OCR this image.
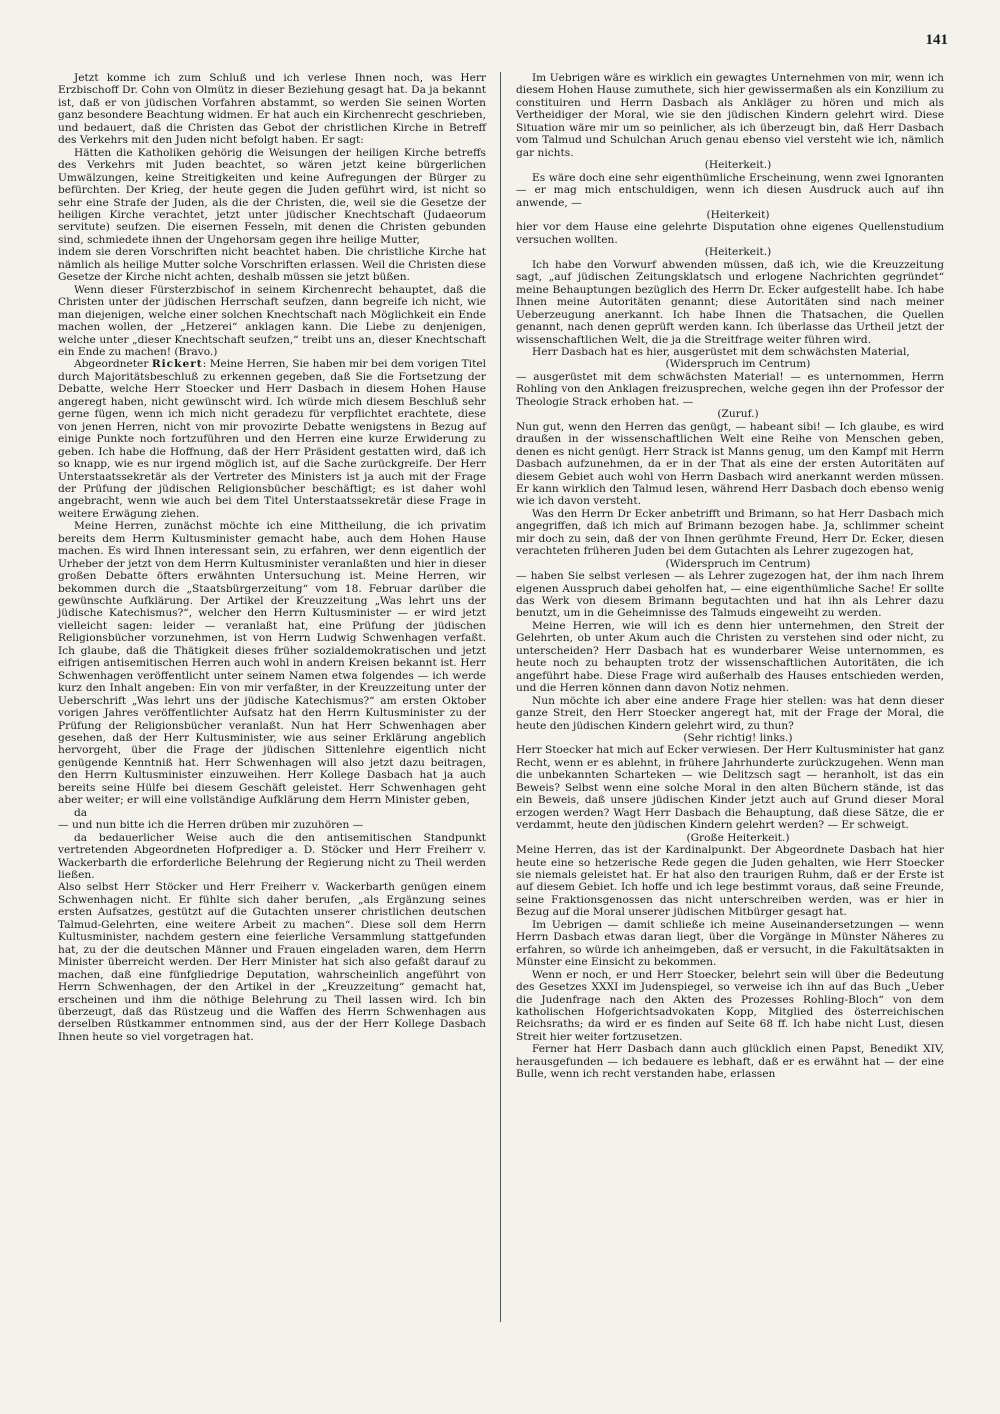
141

Jetzt komme ich zum Schluß und ich verlese Ihnen noch, was Herr Erzbischoff Dr. Cohn von Olmütz in dieser Beziehung gesagt hat. Da ja bekannt ist, daß er von jüdischen Vorfahren abstammt, so werden Sie seinen Worten ganz besondere Beachtung widmen. Er hat auch ein Kirchenrecht geschrieben, und bedauert, daß die Christen das Gebot der christlichen Kirche in Betreff des Verkehrs mit den Juden nicht befolgt haben. Er sagt:

Hätten die Katholiken gehörig die Weisungen der heiligen Kirche betreffs des Verkehrs mit Juden beachtet, so wären jetzt keine bürgerlichen Umwälzungen, keine Streitigkeiten und keine Aufregungen der Bürger zu befürchten. Der Krieg, der heute gegen die Juden geführt wird, ist nicht so sehr eine Strafe der Juden, als die der Christen, die, weil sie die Gesetze der heiligen Kirche verachtet, jetzt unter jüdischer Knechtschaft (Judaeorum servitute) seufzen. Die eisernen Fesseln, mit denen die Christen gebunden sind, schmiedete ihnen der Ungehorsam gegen ihre heilige Mutter,

indem sie deren Vorschriften nicht beachtet haben. Die christliche Kirche hat nämlich als heilige Mutter solche Vorschriften erlassen. Weil die Christen diese Gesetze der Kirche nicht achten, deshalb müssen sie jetzt büßen.

Wenn dieser Fürsterzbischof in seinem Kirchenrecht behauptet, daß die Christen unter der jüdischen Herrschaft seufzen, dann begreife ich nicht, wie man diejenigen, welche einer solchen Knechtschaft nach Möglichkeit ein Ende machen wollen, der „Hetzerei“ anklagen kann. Die Liebe zu denjenigen, welche unter „dieser Knechtschaft seufzen,“ treibt uns an, dieser Knechtschaft ein Ende zu machen! (Bravo.)

Abgeordneter Rickert: Meine Herren, Sie haben mir bei dem vorigen Titel durch Majoritätsbeschluß zu erkennen gegeben, daß Sie die Fortsetzung der Debatte, welche Herr Stoecker und Herr Dasbach in diesem Hohen Hause angeregt haben, nicht gewünscht wird. Ich würde mich diesem Beschluß sehr gerne fügen, wenn ich mich nicht geradezu für verpflichtet erachtete, diese von jenen Herren, nicht von mir provozirte Debatte wenigstens in Bezug auf einige Punkte noch fortzuführen und den Herren eine kurze Erwiderung zu geben. Ich habe die Hoffnung, daß der Herr Präsident gestatten wird, daß ich so knapp, wie es nur irgend möglich ist, auf die Sache zurückgreife. Der Herr Unterstaatssekretär als der Vertreter des Ministers ist ja auch mit der Frage der Prüfung der jüdischen Religionsbücher beschäftigt; es ist daher wohl angebracht, wenn wie auch bei dem Titel Unterstaatssekretär diese Frage in weitere Erwägung ziehen.

Meine Herren, zunächst möchte ich eine Mittheilung, die ich privatim bereits dem Herrn Kultusminister gemacht habe, auch dem Hohen Hause machen. Es wird Ihnen interessant sein, zu erfahren, wer denn eigentlich der Urheber der jetzt von dem Herrn Kultusminister veranlaßten und hier in dieser großen Debatte öfters erwähnten Untersuchung ist. Meine Herren, wir bekommen durch die „Staatsbürgerzeitung“ vom 18. Februar darüber die gewünschte Aufklärung. Der Artikel der Kreuzzeitung „Was lehrt uns der jüdische Katechismus?“, welcher den Herrn Kultusminister — er wird jetzt vielleicht sagen: leider — veranlaßt hat, eine Prüfung der jüdischen Religionsbücher vorzunehmen, ist von Herrn Ludwig Schwenhagen verfaßt. Ich glaube, daß die Thätigkeit dieses früher sozialdemokratischen und jetzt eifrigen antisemitischen Herren auch wohl in andern Kreisen bekannt ist. Herr Schwenhagen veröffentlicht unter seinem Namen etwa folgendes — ich werde kurz den Inhalt angeben: Ein von mir verfaßter, in der Kreuzzeitung unter der Ueberschrift „Was lehrt uns der jüdische Katechismus?“ am ersten Oktober vorigen Jahres veröffentlichter Aufsatz hat den Herrn Kultusminister zu der Prüfung der Religionsbücher veranlaßt. Nun hat Herr Schwenhagen aber gesehen, daß der Herr Kultusminister, wie aus seiner Erklärung angeblich hervorgeht, über die Frage der jüdischen Sittenlehre eigentlich nicht genügende Kenntniß hat. Herr Schwenhagen will also jetzt dazu beitragen, den Herrn Kultusminister einzuweihen. Herr Kollege Dasbach hat ja auch bereits seine Hülfe bei diesem Geschäft geleistet. Herr Schwenhagen geht aber weiter; er will eine vollständige Aufklärung dem Herrn Minister geben,

da

— und nun bitte ich die Herren drüben mir zuzuhören —

da bedauerlicher Weise auch die den antisemitischen Standpunkt vertretenden Abgeordneten Hofprediger a. D. Stöcker und Herr Freiherr v. Wackerbarth die erforderliche Belehrung der Regierung nicht zu Theil werden ließen.

Also selbst Herr Stöcker und Herr Freiherr v. Wackerbarth genügen einem Schwenhagen nicht. Er fühlte sich daher berufen, „als Ergänzung seines ersten Aufsatzes, gestützt auf die Gutachten unserer christlichen deutschen Talmud-Gelehrten, eine weitere Arbeit zu machen“. Diese soll dem Herrn Kultusminister, nachdem gestern eine feierliche Versammlung stattgefunden hat, zu der die deutschen Männer und Frauen eingeladen waren, dem Herrn Minister überreicht werden. Der Herr Minister hat sich also gefaßt darauf zu machen, daß eine fünfgliedrige Deputation, wahrscheinlich angeführt von Herrn Schwenhagen, der den Artikel in der „Kreuzzeitung“ gemacht hat, erscheinen und ihm die nöthige Belehrung zu Theil lassen wird. Ich bin überzeugt, daß das Rüstzeug und die Waffen des Herrn Schwenhagen aus derselben Rüstkammer entnommen sind, aus der der Herr Kollege Dasbach Ihnen heute so viel vorgetragen hat.

Im Uebrigen wäre es wirklich ein gewagtes Unternehmen von mir, wenn ich diesem Hohen Hause zumuthete, sich hier gewissermaßen als ein Konzilium zu constituiren und Herrn Dasbach als Ankläger zu hören und mich als Vertheidiger der Moral, wie sie den jüdischen Kindern gelehrt wird. Diese Situation wäre mir um so peinlicher, als ich überzeugt bin, daß Herr Dasbach vom Talmud und Schulchan Aruch genau ebenso viel versteht wie ich, nämlich gar nichts.

(Heiterkeit.)

Es wäre doch eine sehr eigenthümliche Erscheinung, wenn zwei Ignoranten — er mag mich entschuldigen, wenn ich diesen Ausdruck auch auf ihn anwende, —

(Heiterkeit)

hier vor dem Hause eine gelehrte Disputation ohne eigenes Quellenstudium versuchen wollten.

(Heiterkeit.)

Ich habe den Vorwurf abwenden müssen, daß ich, wie die Kreuzzeitung sagt, „auf jüdischen Zeitungsklatsch und erlogene Nachrichten gegründet“ meine Behauptungen bezüglich des Herrn Dr. Ecker aufgestellt habe. Ich habe Ihnen meine Autoritäten genannt; diese Autoritäten sind nach meiner Ueberzeugung anerkannt. Ich habe Ihnen die Thatsachen, die Quellen genannt, nach denen geprüft werden kann. Ich überlasse das Urtheil jetzt der wissenschaftlichen Welt, die ja die Streitfrage weiter führen wird.

Herr Dasbach hat es hier, ausgerüstet mit dem schwächsten Material,

(Widerspruch im Centrum)

— ausgerüstet mit dem schwächsten Material! — es unternommen, Herrn Rohling von den Anklagen freizusprechen, welche gegen ihn der Professor der Theologie Strack erhoben hat. —

(Zuruf.)

Nun gut, wenn den Herren das genügt, — habeant sibi! — Ich glaube, es wird draußen in der wissenschaftlichen Welt eine Reihe von Menschen geben, denen es nicht genügt. Herr Strack ist Manns genug, um den Kampf mit Herrn Dasbach aufzunehmen, da er in der That als eine der ersten Autoritäten auf diesem Gebiet auch wohl von Herrn Dasbach wird anerkannt werden müssen. Er kann wirklich den Talmud lesen, während Herr Dasbach doch ebenso wenig wie ich davon versteht.

Was den Herrn Dr Ecker anbetrifft und Brimann, so hat Herr Dasbach mich angegriffen, daß ich mich auf Brimann bezogen habe. Ja, schlimmer scheint mir doch zu sein, daß der von Ihnen gerühmte Freund, Herr Dr. Ecker, diesen verachteten früheren Juden bei dem Gutachten als Lehrer zugezogen hat,

(Widerspruch im Centrum)

— haben Sie selbst verlesen — als Lehrer zugezogen hat, der ihm nach Ihrem eigenen Ausspruch dabei geholfen hat, — eine eigenthümliche Sache! Er sollte das Werk von diesem Brimann begutachten und hat ihn als Lehrer dazu benutzt, um in die Geheimnisse des Talmuds eingeweiht zu werden.

Meine Herren, wie will ich es denn hier unternehmen, den Streit der Gelehrten, ob unter Akum auch die Christen zu verstehen sind oder nicht, zu unterscheiden? Herr Dasbach hat es wunderbarer Weise unternommen, es heute noch zu behaupten trotz der wissenschaftlichen Autoritäten, die ich angeführt habe. Diese Frage wird außerhalb des Hauses entschieden werden, und die Herren können dann davon Notiz nehmen.

Nun möchte ich aber eine andere Frage hier stellen: was hat denn dieser ganze Streit, den Herr Stoecker angeregt hat, mit der Frage der Moral, die heute den jüdischen Kindern gelehrt wird, zu thun?

(Sehr richtig! links.)

Herr Stoecker hat mich auf Ecker verwiesen. Der Herr Kultusminister hat ganz Recht, wenn er es ablehnt, in frühere Jahrhunderte zurückzugehen. Wenn man die unbekannten Scharteken — wie Delitzsch sagt — heranholt, ist das ein Beweis? Selbst wenn eine solche Moral in den alten Büchern stände, ist das ein Beweis, daß unsere jüdischen Kinder jetzt auch auf Grund dieser Moral erzogen werden? Wagt Herr Dasbach die Behauptung, daß diese Sätze, die er verdammt, heute den jüdischen Kindern gelehrt werden? — Er schweigt.

(Große Heiterkeit.)

Meine Herren, das ist der Kardinalpunkt. Der Abgeordnete Dasbach hat hier heute eine so hetzerische Rede gegen die Juden gehalten, wie Herr Stoecker sie niemals geleistet hat. Er hat also den traurigen Ruhm, daß er der Erste ist auf diesem Gebiet. Ich hoffe und ich lege bestimmt voraus, daß seine Freunde, seine Fraktionsgenossen das nicht unterschreiben werden, was er hier in Bezug auf die Moral unserer jüdischen Mitbürger gesagt hat.

Im Uebrigen — damit schließe ich meine Auseinandersetzungen — wenn Herrn Dasbach etwas daran liegt, über die Vorgänge in Münster Näheres zu erfahren, so würde ich anheimgeben, daß er versucht, in die Fakultätsakten in Münster eine Einsicht zu bekommen.

Wenn er noch, er und Herr Stoecker, belehrt sein will über die Bedeutung des Gesetzes XXXI im Judenspiegel, so verweise ich ihn auf das Buch „Ueber die Judenfrage nach den Akten des Prozesses Rohling-Bloch“ von dem katholischen Hofgerichtsadvokaten Kopp, Mitglied des österreichischen Reichsraths; da wird er es finden auf Seite 68 ff. Ich habe nicht Lust, diesen Streit hier weiter fortzusetzen.

Ferner hat Herr Dasbach dann auch glücklich einen Papst, Benedikt XIV, herausgefunden — ich bedauere es lebhaft, daß er es erwähnt hat — der eine Bulle, wenn ich recht verstanden habe, erlassen
